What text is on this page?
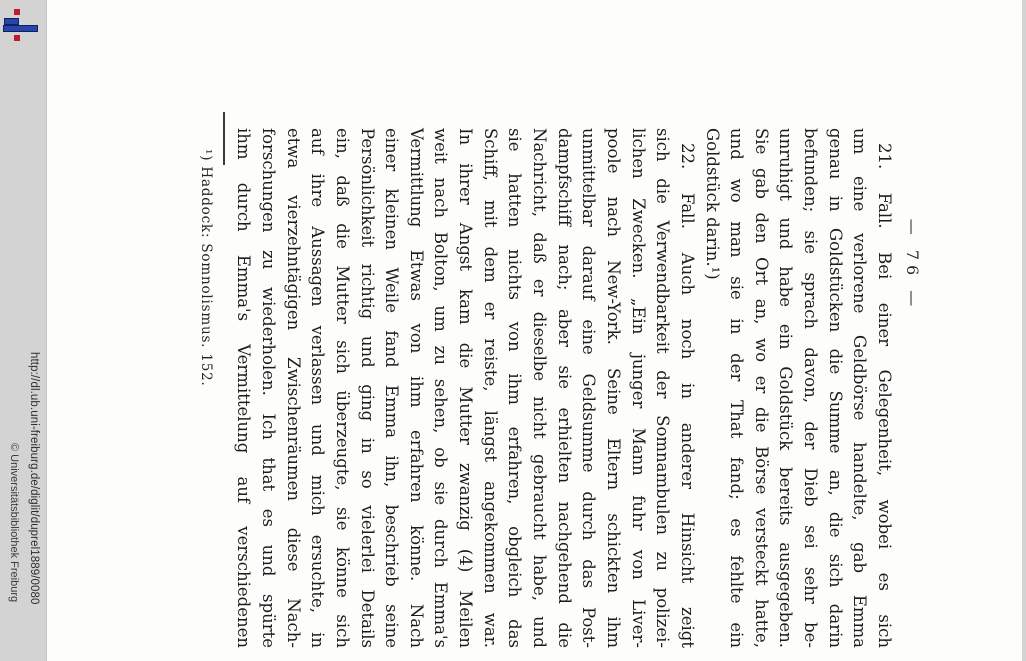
© Universitätsbibliothek Freiburg http://dl.ub.uni-freiburg.de/diglit/duprel1889/0080
— 76 —
21. Fall. Bei einer Gelegenheit, wobei es sich
um eine verlorene Geldbörse handelte, gab Emma
genau in Goldstücken die Summe an, die sich darin
befunden; sie sprach davon, der Dieb sei sehr be-
unruhigt und habe ein Goldstück bereits ausgegeben.
Sie gab den Ort an, wo er die Börse versteckt hatte,
und wo man sie in der That fand; es fehlte ein
Goldstück darin.¹)
22. Fall. Auch noch in anderer Hinsicht zeigt
sich die Verwendbarkeit der Somnambulen zu polizei-
lichen Zwecken. „Ein junger Mann fuhr von Liver-
poole nach New-York. Seine Eltern schickten ihm
unmittelbar darauf eine Geldsumme durch das Post-
dampfschiff nach; aber sie erhielten nachgehend die
Nachricht, daß er dieselbe nicht gebraucht habe, und
sie hatten nichts von ihm erfahren, obgleich das
Schiff, mit dem er reiste, längst angekommen war.
In ihrer Angst kam die Mutter zwanzig (4) Meilen
weit nach Bolton, um zu sehen, ob sie durch Emma's
Vermittlung Etwas von ihm erfahren könne. Nach
einer kleinen Weile fand Emma ihn, beschrieb seine
Persönlichkeit richtig und ging in so vielerlei Details
ein, daß die Mutter sich überzeugte, sie könne sich
auf ihre Aussagen verlassen und mich ersuchte, in
etwa vierzehntägigen Zwischenräumen diese Nach-
forschungen zu wiederholen. Ich that es und spürte
ihm durch Emma's Vermittelung auf verschiedenen
¹) Haddock: Somnolismus. 152.
